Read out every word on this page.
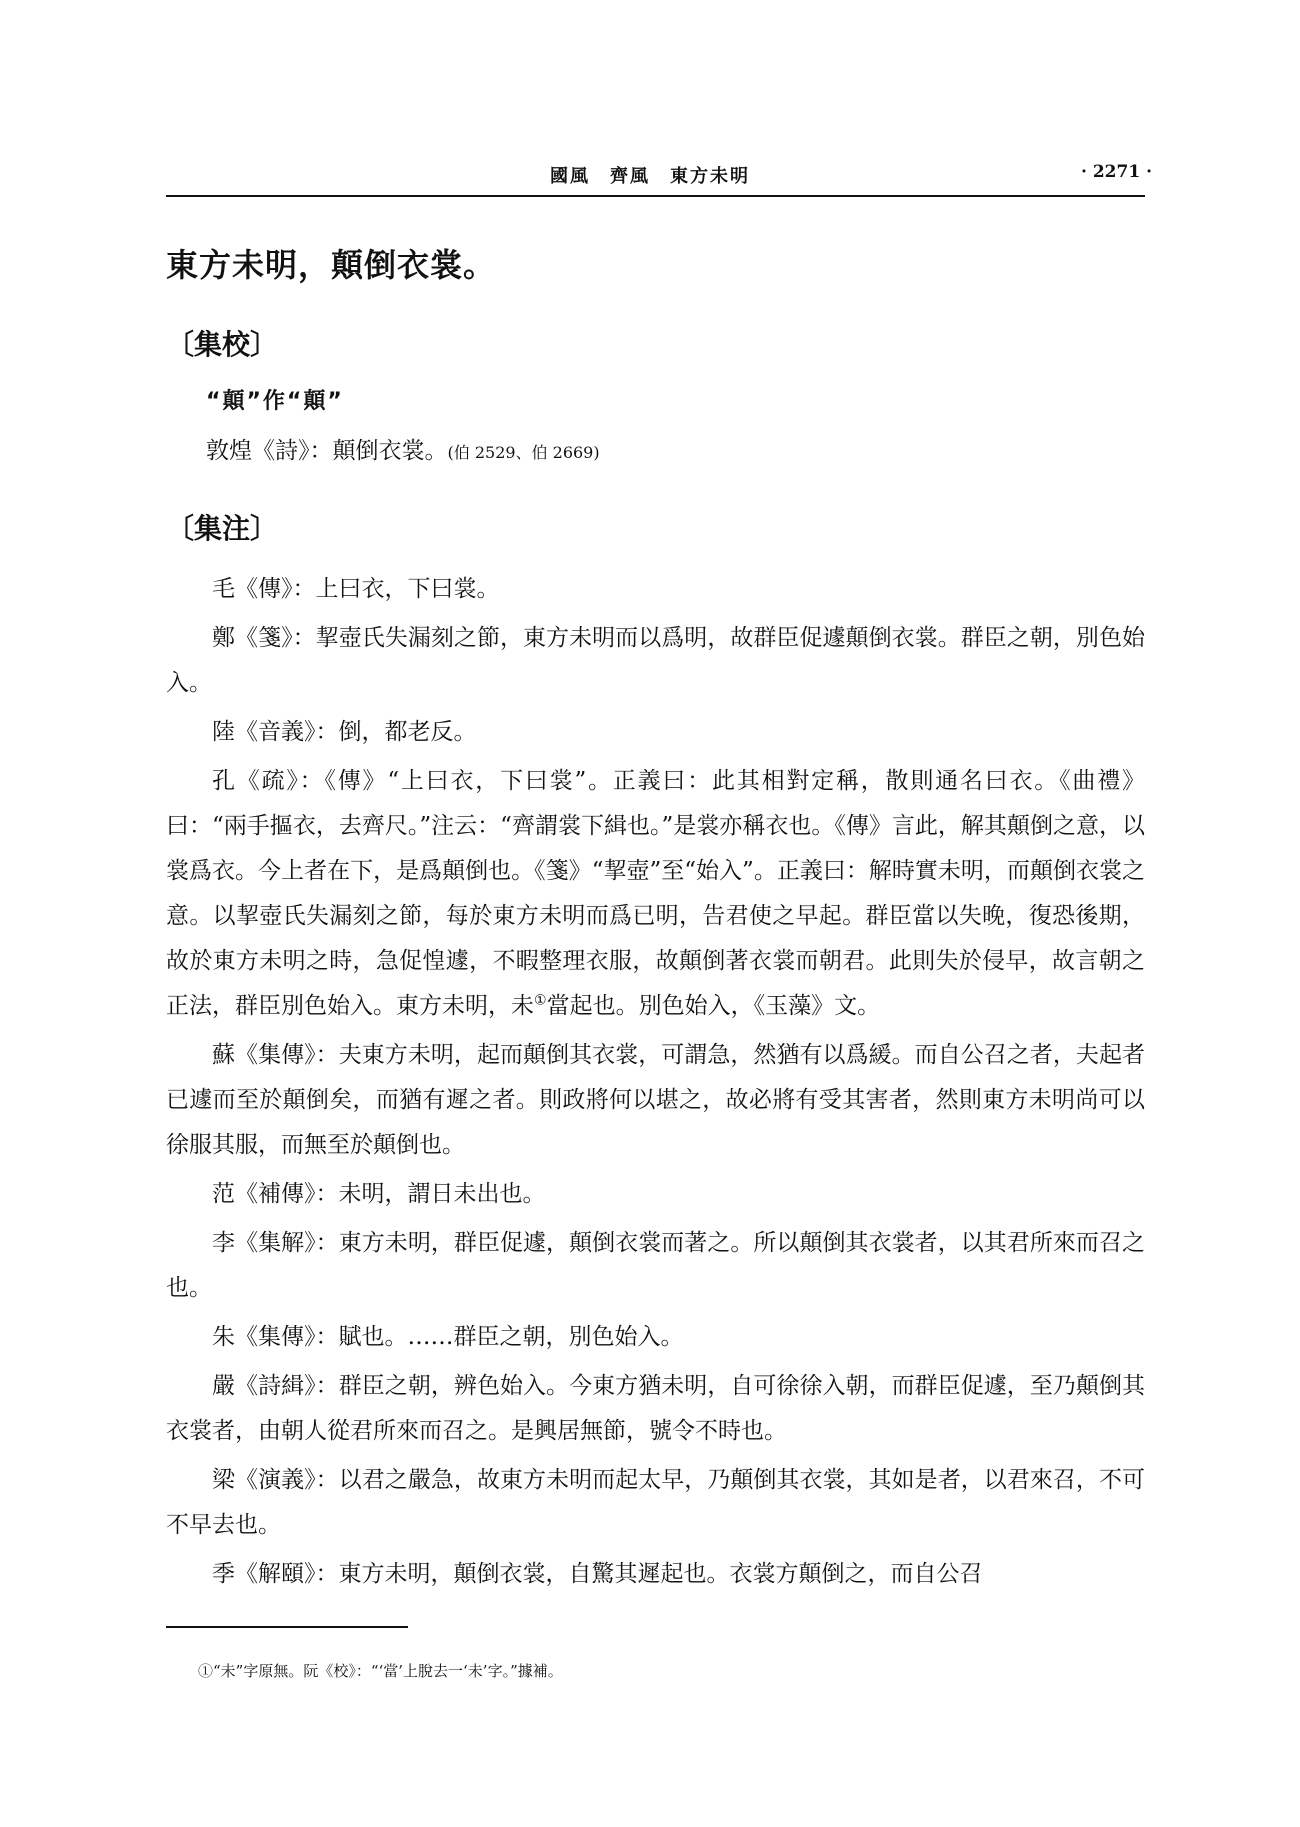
國風　齊風　東方未明	· 2271 ·
東方未明，顛倒衣裳。
〔集校〕
“顛”作“顛”
敦煌《詩》：顛倒衣裳。(伯 2529、伯 2669)
〔集注〕

毛《傳》：上曰衣，下曰裳。

鄭《箋》：挈壺氏失漏刻之節，東方未明而以爲明，故群臣促遽顛倒衣裳。群臣之朝，別色始入。

陸《音義》：倒，都老反。

孔《疏》：《傳》“上曰衣，下曰裳”。正義曰：此其相對定稱，散則通名曰衣。《曲禮》曰：“兩手摳衣，去齊尺。”注云：“齊謂裳下緝也。”是裳亦稱衣也。《傳》言此，解其顛倒之意，以裳爲衣。今上者在下，是爲顛倒也。《箋》“挈壺”至“始入”。正義曰：解時實未明，而顛倒衣裳之意。以挈壺氏失漏刻之節，每於東方未明而爲已明，告君使之早起。群臣當以失晚，復恐後期，故於東方未明之時，急促惶遽，不暇整理衣服，故顛倒著衣裳而朝君。此則失於侵早，故言朝之正法，群臣別色始入。東方未明，未①當起也。別色始入，《玉藻》文。

蘇《集傳》：夫東方未明，起而顛倒其衣裳，可謂急，然猶有以爲緩。而自公召之者，夫起者已遽而至於顛倒矣，而猶有遲之者。則政將何以堪之，故必將有受其害者，然則東方未明尚可以徐服其服，而無至於顛倒也。

范《補傳》：未明，謂日未出也。

李《集解》：東方未明，群臣促遽，顛倒衣裳而著之。所以顛倒其衣裳者，以其君所來而召之也。

朱《集傳》：賦也。……群臣之朝，別色始入。

嚴《詩緝》：群臣之朝，辨色始入。今東方猶未明，自可徐徐入朝，而群臣促遽，至乃顛倒其衣裳者，由朝人從君所來而召之。是興居無節，號令不時也。

梁《演義》：以君之嚴急，故東方未明而起太早，乃顛倒其衣裳，其如是者，以君來召，不可不早去也。

季《解頤》：東方未明，顛倒衣裳，自驚其遲起也。衣裳方顛倒之，而自公召

①“未”字原無。阮《校》：“‘當’上脫去一‘未’字。”據補。
